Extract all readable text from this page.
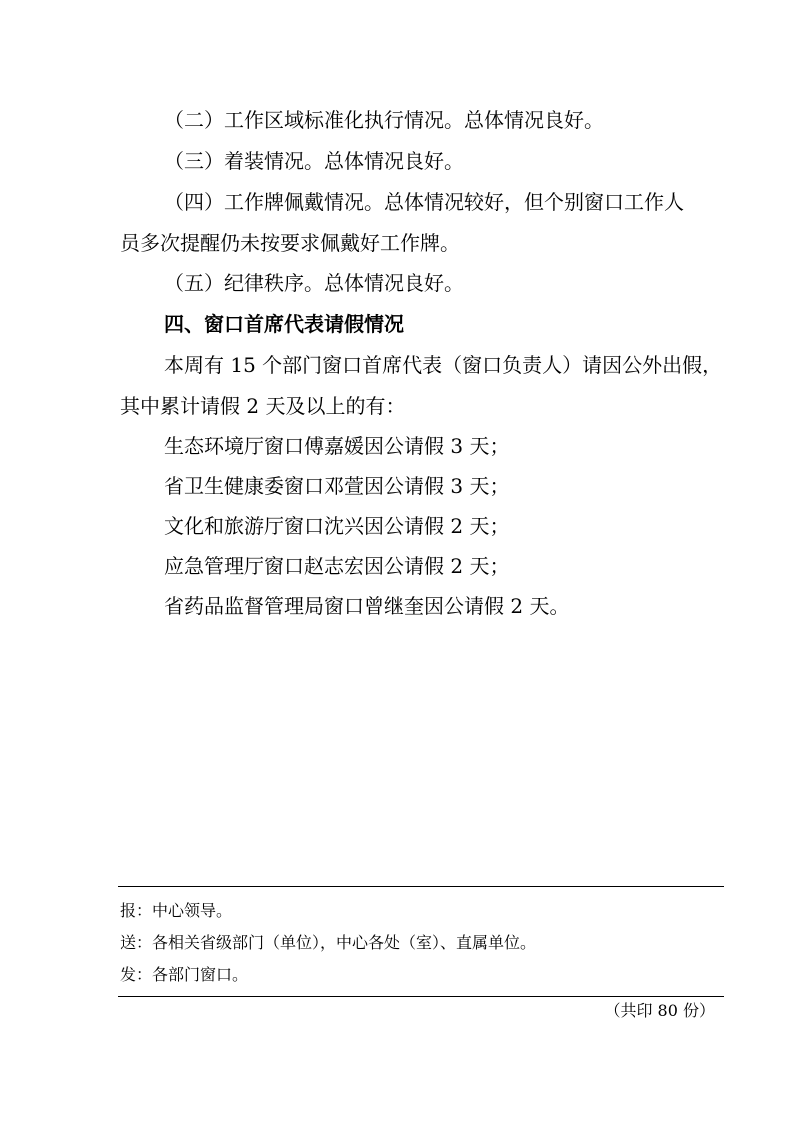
（二）工作区域标准化执行情况。总体情况良好。
（三）着装情况。总体情况良好。
（四）工作牌佩戴情况。总体情况较好，但个别窗口工作人
员多次提醒仍未按要求佩戴好工作牌。
（五）纪律秩序。总体情况良好。
四、窗口首席代表请假情况
本周有 15 个部门窗口首席代表（窗口负责人）请因公外出假，
其中累计请假 2 天及以上的有：
生态环境厅窗口傅嘉媛因公请假 3 天；
省卫生健康委窗口邓萱因公请假 3 天；
文化和旅游厅窗口沈兴因公请假 2 天；
应急管理厅窗口赵志宏因公请假 2 天；
省药品监督管理局窗口曾继奎因公请假 2 天。
报：中心领导。
送：各相关省级部门（单位），中心各处（室）、直属单位。
发：各部门窗口。
（共印 80 份）
